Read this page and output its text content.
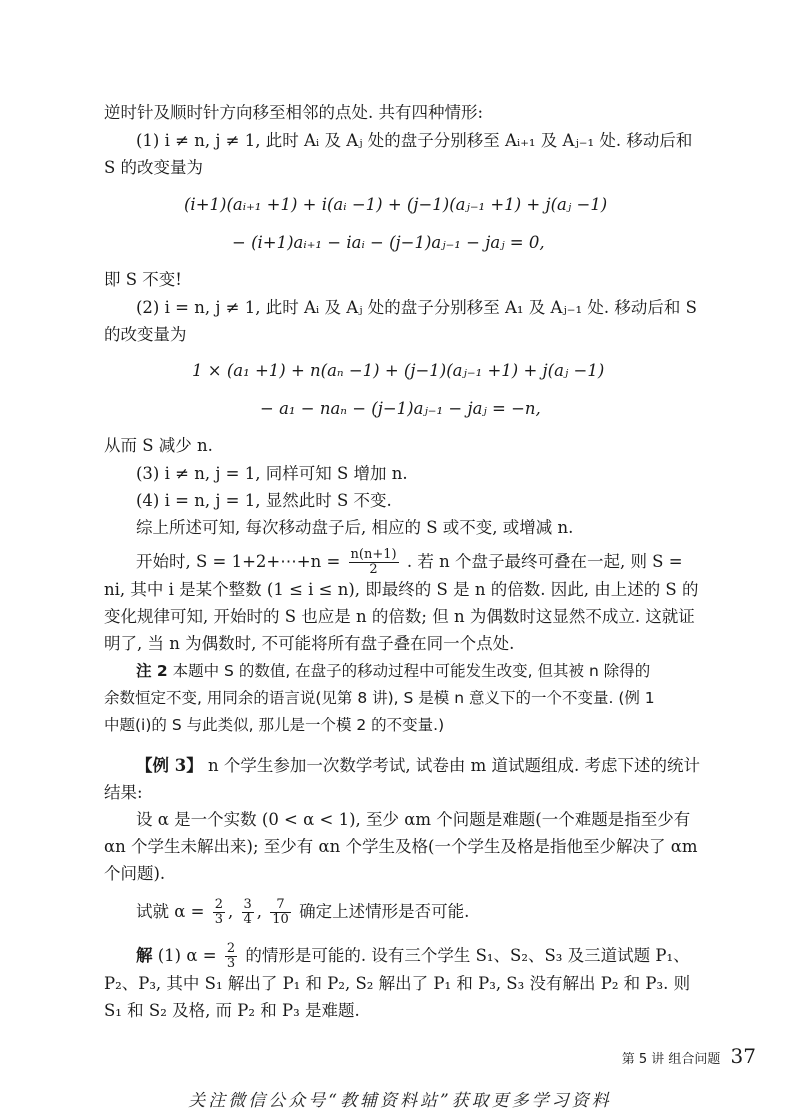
逆时针及顺时针方向移至相邻的点处. 共有四种情形:
(1) i ≠ n, j ≠ 1, 此时 Aᵢ 及 Aⱼ 处的盘子分别移至 Aᵢ₊₁ 及 Aⱼ₋₁ 处. 移动后和
S 的改变量为
(i+1)(aᵢ₊₁ +1) + i(aᵢ −1) + (j−1)(aⱼ₋₁ +1) + j(aⱼ −1)
− (i+1)aᵢ₊₁ − iaᵢ − (j−1)aⱼ₋₁ − jaⱼ = 0,
即 S 不变!
(2) i = n, j ≠ 1, 此时 Aᵢ 及 Aⱼ 处的盘子分别移至 A₁ 及 Aⱼ₋₁ 处. 移动后和 S
的改变量为
1 × (a₁ +1) + n(aₙ −1) + (j−1)(aⱼ₋₁ +1) + j(aⱼ −1)
− a₁ − naₙ − (j−1)aⱼ₋₁ − jaⱼ = −n,
从而 S 减少 n.
(3) i ≠ n, j = 1, 同样可知 S 增加 n.
(4) i = n, j = 1, 显然此时 S 不变.
综上所述可知, 每次移动盘子后, 相应的 S 或不变, 或增减 n.
开始时, S = 1+2+⋯+n = $\frac{n(n+1)}{2}$ . 若 n 个盘子最终可叠在一起, 则 S =
ni, 其中 i 是某个整数 (1 ≤ i ≤ n), 即最终的 S 是 n 的倍数. 因此, 由上述的 S 的
变化规律可知, 开始时的 S 也应是 n 的倍数; 但 n 为偶数时这显然不成立. 这就证
明了, 当 n 为偶数时, 不可能将所有盘子叠在同一个点处.
注 2 本题中 S 的数值, 在盘子的移动过程中可能发生改变, 但其被 n 除得的
余数恒定不变, 用同余的语言说(见第 8 讲), S 是模 n 意义下的一个不变量. (例 1
中题(i)的 S 与此类似, 那儿是一个模 2 的不变量.)
【例 3】 n 个学生参加一次数学考试, 试卷由 m 道试题组成. 考虑下述的统计
结果:
设 α 是一个实数 (0 < α < 1), 至少 αm 个问题是难题(一个难题是指至少有
αn 个学生未解出来); 至少有 αn 个学生及格(一个学生及格是指他至少解决了 αm
个问题).
试就 $\alpha = \frac{2}{3}$ , $\frac{3}{4}$ , $\frac{7}{10}$ 确定上述情形是否可能.
解 (1) $\alpha = \frac{2}{3}$ 的情形是可能的. 设有三个学生 S₁、S₂、S₃ 及三道试题 P₁、
P₂、P₃, 其中 S₁ 解出了 P₁ 和 P₂, S₂ 解出了 P₁ 和 P₃, S₃ 没有解出 P₂ 和 P₃. 则
S₁ 和 S₂ 及格, 而 P₂ 和 P₃ 是难题.
第 5 讲 组合问题 37
关注微信公众号“教辅资料站”获取更多学习资料
